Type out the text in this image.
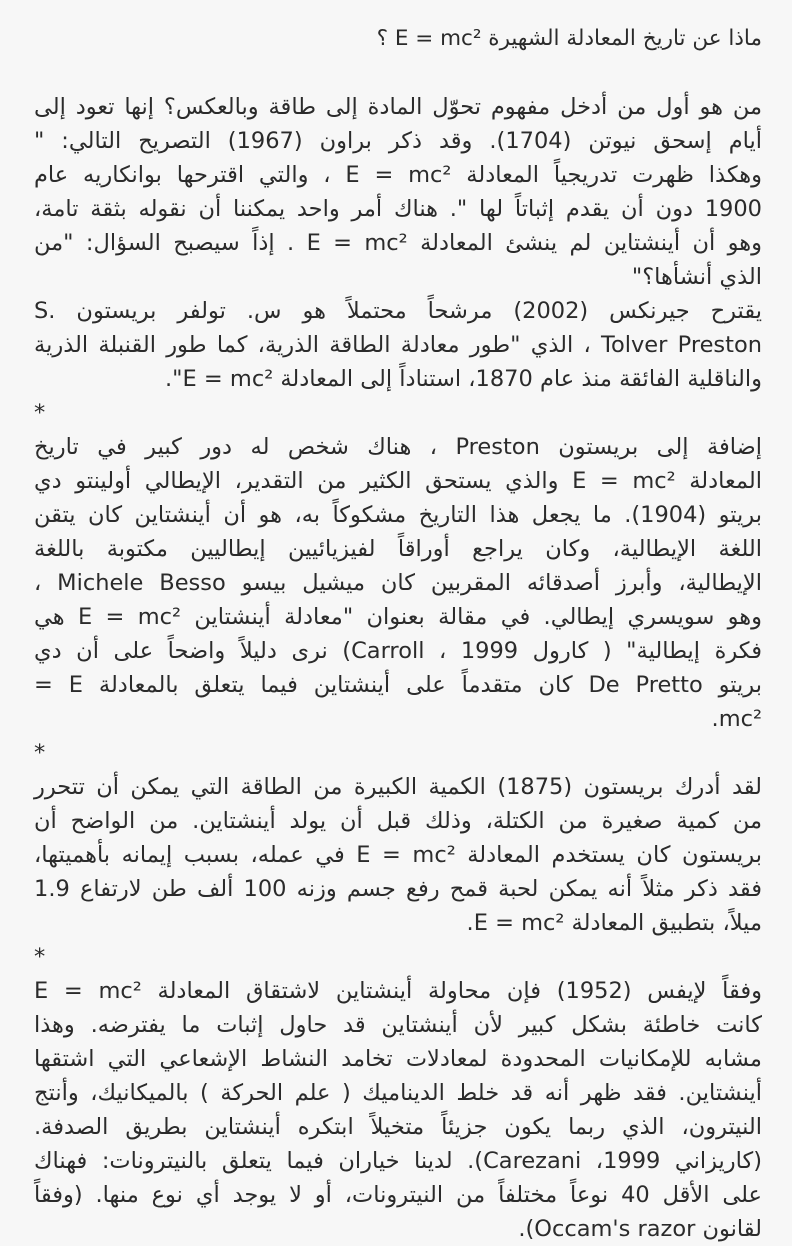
ماذا عن تاريخ المعادلة الشهيرة E = mc² ؟
من هو أول من أدخل مفهوم تحوّل المادة إلى طاقة وبالعكس؟ إنها تعود إلى
أيام إسحق نيوتن (1704). وقد ذكر براون (1967) التصريح التالي: "
وهكذا ظهرت تدريجياً المعادلة E = mc² ، والتي اقترحها بوانكاريه عام
1900 دون أن يقدم إثباتاً لها ". هناك أمر واحد يمكننا أن نقوله بثقة تامة،
وهو أن أينشتاين لم ينشئ المعادلة E = mc² . إذاً سيصبح السؤال: "من
الذي أنشأها؟"
يقترح جيرنكس (2002) مرشحاً محتملاً هو س. تولفر بريستون .S
Tolver Preston ، الذي "طور معادلة الطاقة الذرية، كما طور القنبلة الذرية
والناقلية الفائقة منذ عام 1870، استناداً إلى المعادلة E = mc²".
*
إضافة إلى بريستون Preston ، هناك شخص له دور كبير في تاريخ
المعادلة E = mc² والذي يستحق الكثير من التقدير، الإيطالي أولينتو دي
بريتو (1904). ما يجعل هذا التاريخ مشكوكاً به، هو أن أينشتاين كان يتقن
اللغة الإيطالية، وكان يراجع أوراقاً لفيزيائيين إيطاليين مكتوبة باللغة
الإيطالية، وأبرز أصدقائه المقربين كان ميشيل بيسو Michele Besso ،
وهو سويسري إيطالي. في مقالة بعنوان "معادلة أينشتاين E = mc² هي
فكرة إيطالية" ( كارول 1999 ، Carroll) نرى دليلاً واضحاً على أن دي
بريتو De Pretto كان متقدماً على أينشتاين فيما يتعلق بالمعادلة E =
mc².
*
لقد أدرك بريستون (1875) الكمية الكبيرة من الطاقة التي يمكن أن تتحرر
من كمية صغيرة من الكتلة، وذلك قبل أن يولد أينشتاين. من الواضح أن
بريستون كان يستخدم المعادلة E = mc² في عمله، بسبب إيمانه بأهميتها،
فقد ذكر مثلاً أنه يمكن لحبة قمح رفع جسم وزنه 100 ألف طن لارتفاع 1.9
ميلاً، بتطبيق المعادلة E = mc².
*
وفقاً لإيفس (1952) فإن محاولة أينشتاين لاشتقاق المعادلة E = mc²
كانت خاطئة بشكل كبير لأن أينشتاين قد حاول إثبات ما يفترضه. وهذا
مشابه للإمكانيات المحدودة لمعادلات تخامد النشاط الإشعاعي التي اشتقها
أينشتاين. فقد ظهر أنه قد خلط الديناميك ( علم الحركة ) بالميكانيك، وأنتج
النيترون، الذي ربما يكون جزيئاً متخيلاً ابتكره أينشتاين بطريق الصدفة.
(كاريزاني 1999، Carezani). لدينا خياران فيما يتعلق بالنيترونات: فهناك
على الأقل 40 نوعاً مختلفاً من النيترونات، أو لا يوجد أي نوع منها. (وفقاً
لقانون Occam's razor).
